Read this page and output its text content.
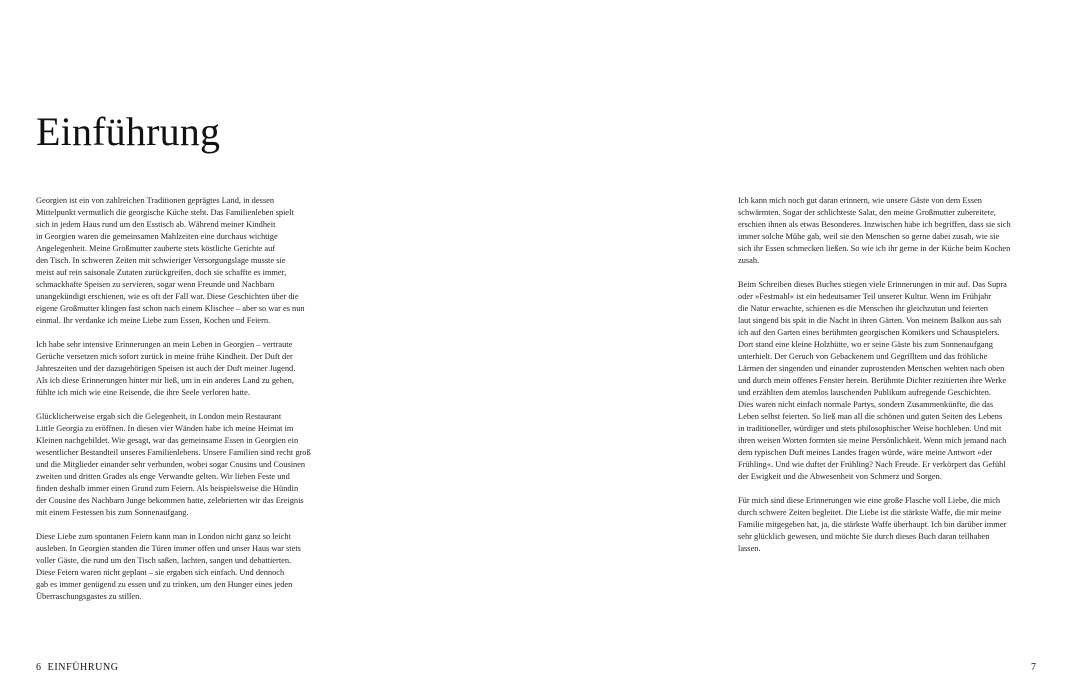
Einführung

Georgien ist ein von zahlreichen Traditionen geprägtes Land, in dessen
Mittelpunkt vermutlich die georgische Küche steht. Das Familienleben spielt
sich in jedem Haus rund um den Esstisch ab. Während meiner Kindheit
in Georgien waren die gemeinsamen Mahlzeiten eine durchaus wichtige
Angelegenheit. Meine Großmutter zauberte stets köstliche Gerichte auf
den Tisch. In schweren Zeiten mit schwieriger Versorgungslage musste sie
meist auf rein saisonale Zutaten zurückgreifen, doch sie schaffte es immer,
schmackhafte Speisen zu servieren, sogar wenn Freunde und Nachbarn
unangekündigt erschienen, wie es oft der Fall war. Diese Geschichten über die
eigene Großmutter klingen fast schon nach einem Klischee – aber so war es nun
einmal. Ihr verdanke ich meine Liebe zum Essen, Kochen und Feiern.

Ich habe sehr intensive Erinnerungen an mein Leben in Georgien – vertraute
Gerüche versetzen mich sofort zurück in meine frühe Kindheit. Der Duft der
Jahreszeiten und der dazugehörigen Speisen ist auch der Duft meiner Jugend.
Als ich diese Erinnerungen hinter mir ließ, um in ein anderes Land zu gehen,
fühlte ich mich wie eine Reisende, die ihre Seele verloren hatte.

Glücklicherweise ergab sich die Gelegenheit, in London mein Restaurant
Little Georgia zu eröffnen. In diesen vier Wänden habe ich meine Heimat im
Kleinen nachgebildet. Wie gesagt, war das gemeinsame Essen in Georgien ein
wesentlicher Bestandteil unseres Familienlebens. Unsere Familien sind recht groß
und die Mitglieder einander sehr verbunden, wobei sogar Cousins und Cousinen
zweiten und dritten Grades als enge Verwandte gelten. Wir lieben Feste und
finden deshalb immer einen Grund zum Feiern. Als beispielsweise die Hündin
der Cousine des Nachbarn Junge bekommen hatte, zelebrierten wir das Ereignis
mit einem Festessen bis zum Sonnenaufgang.

Diese Liebe zum spontanen Feiern kann man in London nicht ganz so leicht
ausleben. In Georgien standen die Türen immer offen und unser Haus war stets
voller Gäste, die rund um den Tisch saßen, lachten, sangen und debattierten.
Diese Feiern waren nicht geplant – sie ergaben sich einfach. Und dennoch
gab es immer genügend zu essen und zu trinken, um den Hunger eines jeden
Überraschungsgastes zu stillen.

6 EINFÜHRUNG

Ich kann mich noch gut daran erinnern, wie unsere Gäste von dem Essen
schwärmten. Sogar der schlichteste Salat, den meine Großmutter zubereitete,
erschien ihnen als etwas Besonderes. Inzwischen habe ich begriffen, dass sie sich
immer solche Mühe gab, weil sie den Menschen so gerne dabei zusah, wie sie
sich ihr Essen schmecken ließen. So wie ich ihr gerne in der Küche beim Kochen
zusah.

Beim Schreiben dieses Buches stiegen viele Erinnerungen in mir auf. Das Supra
oder »Festmahl« ist ein bedeutsamer Teil unserer Kultur. Wenn im Frühjahr
die Natur erwachte, schienen es die Menschen ihr gleichzutun und feierten
laut singend bis spät in die Nacht in ihren Gärten. Von meinem Balkon aus sah
ich auf den Garten eines berühmten georgischen Komikers und Schauspielers.
Dort stand eine kleine Holzhütte, wo er seine Gäste bis zum Sonnenaufgang
unterhielt. Der Geruch von Gebackenem und Gegrilltem und das fröhliche
Lärmen der singenden und einander zuprostenden Menschen wehten nach oben
und durch mein offenes Fenster herein. Berühmte Dichter rezitierten ihre Werke
und erzählten dem atemlos lauschenden Publikum aufregende Geschichten.
Dies waren nicht einfach normale Partys, sondern Zusammenkünfte, die das
Leben selbst feierten. So ließ man all die schönen und guten Seiten des Lebens
in traditioneller, würdiger und stets philosophischer Weise hochleben. Und mit
ihren weisen Worten formten sie meine Persönlichkeit. Wenn mich jemand nach
dem typischen Duft meines Landes fragen würde, wäre meine Antwort »der
Frühling«. Und wie duftet der Frühling? Nach Freude. Er verkörpert das Gefühl
der Ewigkeit und die Abwesenheit von Schmerz und Sorgen.

Für mich sind diese Erinnerungen wie eine große Flasche voll Liebe, die mich
durch schwere Zeiten begleitet. Die Liebe ist die stärkste Waffe, die mir meine
Familie mitgegeben hat, ja, die stärkste Waffe überhaupt. Ich bin darüber immer
sehr glücklich gewesen, und möchte Sie durch dieses Buch daran teilhaben
lassen.

7
